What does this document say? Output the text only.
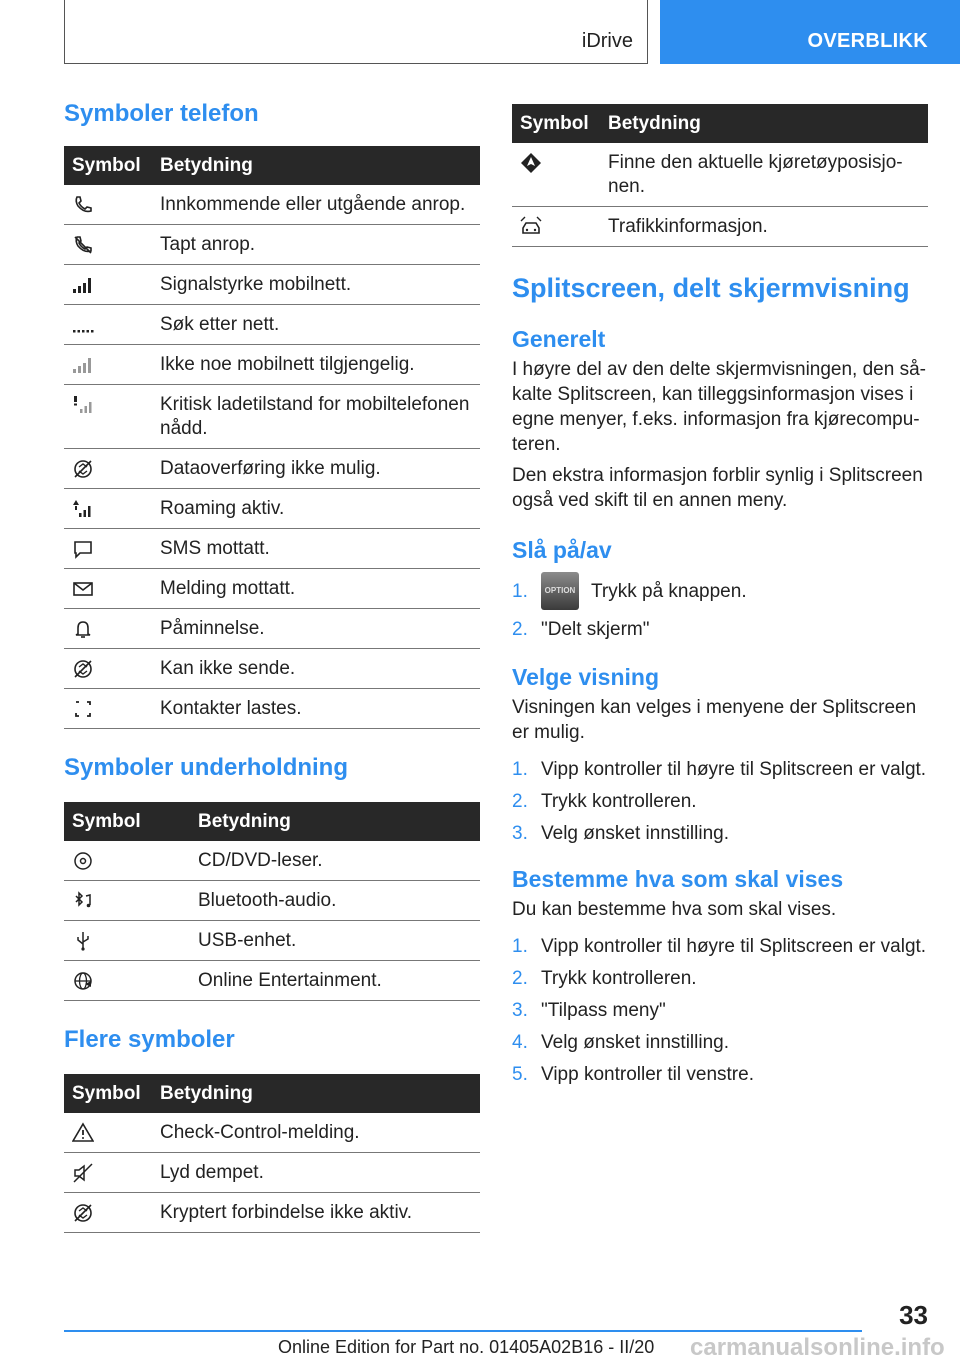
iDrive	OVERBLIKK
Symboler telefon
Symbol	Betydning

	Innkommende eller utgående anrop.

	Tapt anrop.

	Signalstyrke mobilnett.

	Søk etter nett.

	Ikke noe mobilnett tilgjengelig.

	Kritisk ladetilstand for mobiltelefonen nådd.

	Dataoverføring ikke mulig.

	Roaming aktiv.

	SMS mottatt.

	Melding mottatt.

	Påminnelse.

	Kan ikke sende.

	Kontakter lastes.
Symboler underholdning
Symbol	Betydning

	CD/DVD-leser.

	Bluetooth-audio.

	USB-enhet.

	Online Entertainment.
Flere symboler
Symbol	Betydning

	Check-Control-melding.

	Lyd dempet.

	Kryptert forbindelse ikke aktiv.
Symbol	Betydning

	Finne den aktuelle kjøretøyposisjo-nen.

	Trafikkinformasjon.
Splitscreen, delt skjermvisning
Generelt

I høyre del av den delte skjermvisningen, den så-kalte Splitscreen, kan tilleggsinformasjon vises i egne menyer, f.eks. informasjon fra kjørecompu-teren.

Den ekstra informasjon forblir synlig i Splitscreen også ved skift til en annen meny.

Slå på/av
1.	OPTION Trykk på knappen.
2. "Delt skjerm"
Velge visning

Visningen kan velges i menyene der Splitscreen er mulig.

1. Vipp kontroller til høyre til Splitscreen er valgt.
2. Trykk kontrolleren.
3. Velg ønsket innstilling.
Bestemme hva som skal vises

Du kan bestemme hva som skal vises.

1. Vipp kontroller til høyre til Splitscreen er valgt.
2. Trykk kontrolleren.
3. "Tilpass meny"
4. Velg ønsket innstilling.
5. Vipp kontroller til venstre.
33
Online Edition for Part no. 01405A02B16 - II/20 carmanualsonline.info
